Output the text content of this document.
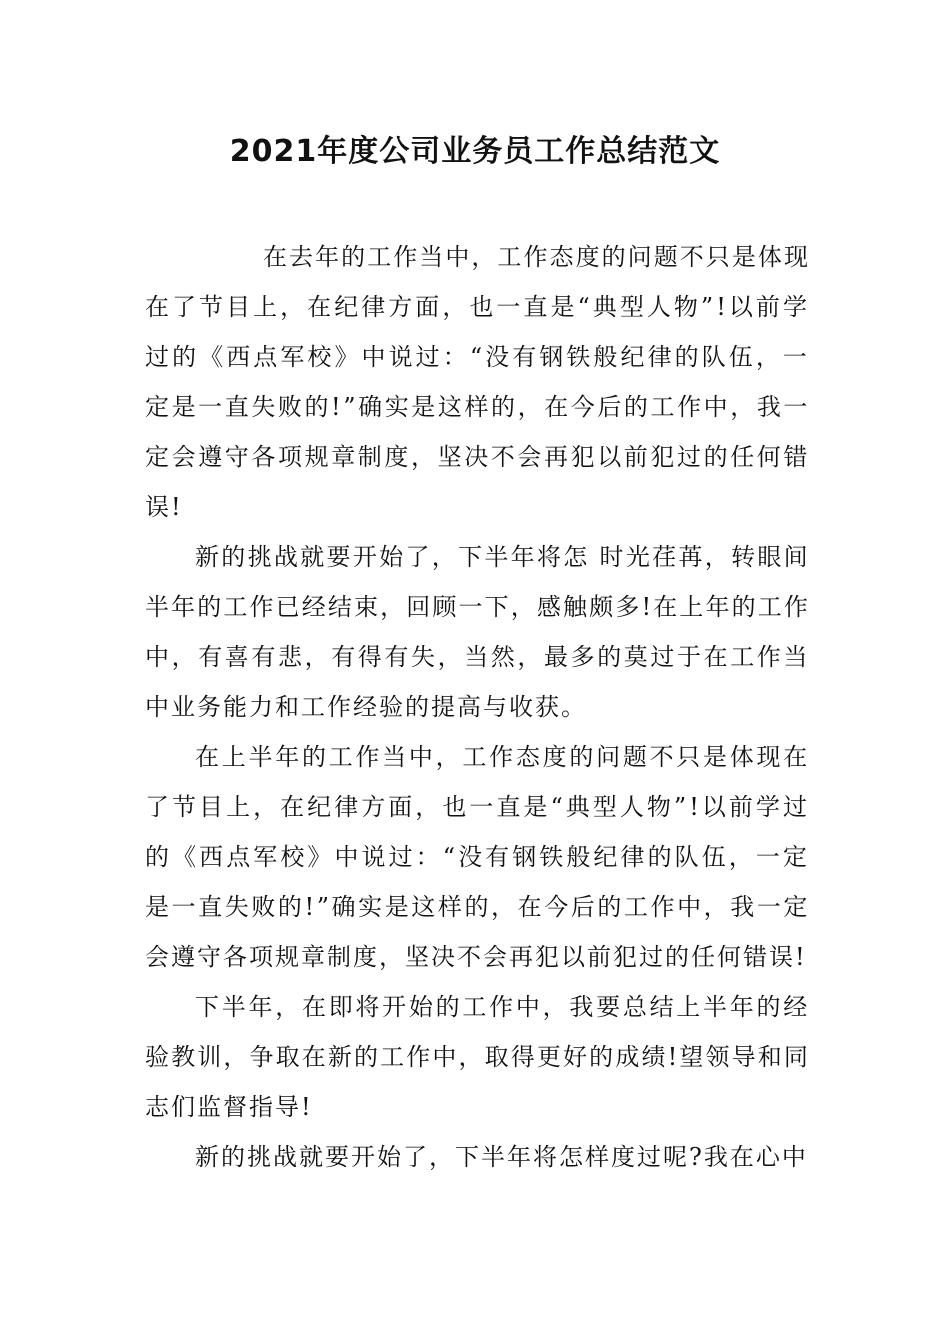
2021年度公司业务员工作总结范文
在去年的工作当中，工作态度的问题不只是体现
在了节目上，在纪律方面，也一直是“典型人物”!以前学
过的《西点军校》中说过：“没有钢铁般纪律的队伍，一
定是一直失败的!”确实是这样的，在今后的工作中，我一
定会遵守各项规章制度，坚决不会再犯以前犯过的任何错
误!
新的挑战就要开始了，下半年将怎 时光荏苒，转眼间
半年的工作已经结束，回顾一下，感触颇多!在上年的工作
中，有喜有悲，有得有失，当然，最多的莫过于在工作当
中业务能力和工作经验的提高与收获。
在上半年的工作当中，工作态度的问题不只是体现在
了节目上，在纪律方面，也一直是“典型人物”!以前学过
的《西点军校》中说过：“没有钢铁般纪律的队伍，一定
是一直失败的!”确实是这样的，在今后的工作中，我一定
会遵守各项规章制度，坚决不会再犯以前犯过的任何错误!
下半年，在即将开始的工作中，我要总结上半年的经
验教训，争取在新的工作中，取得更好的成绩!望领导和同
志们监督指导!
新的挑战就要开始了，下半年将怎样度过呢?我在心中
